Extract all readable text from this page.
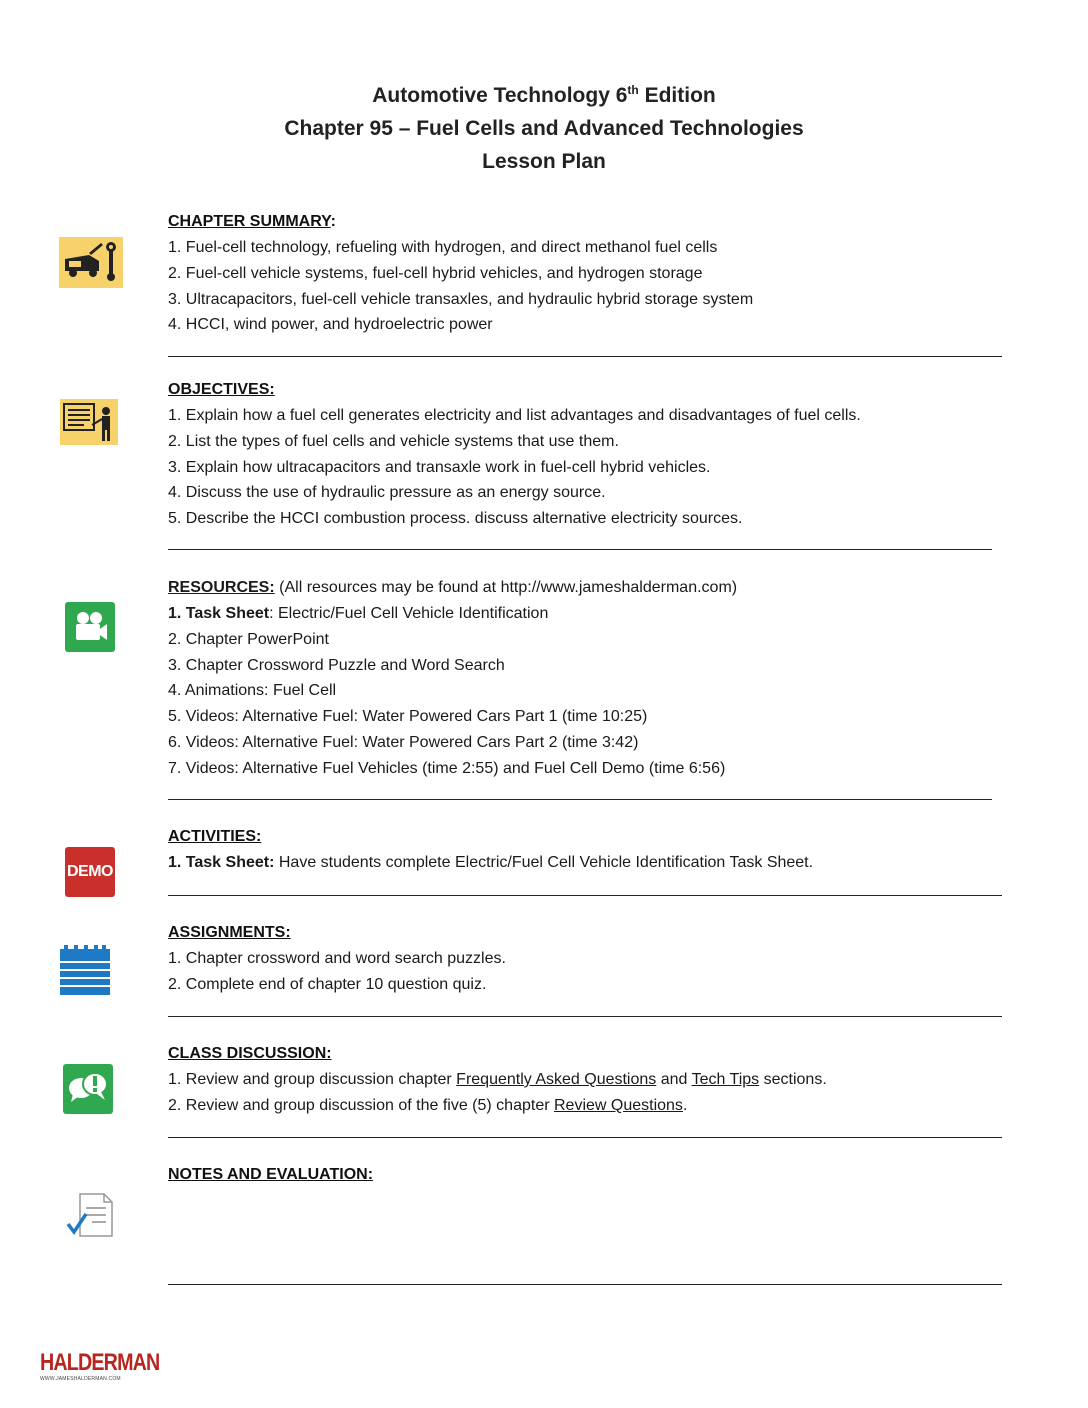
Automotive Technology 6th Edition
Chapter 95 – Fuel Cells and Advanced Technologies
Lesson Plan
DEMO
CHAPTER SUMMARY:
1. Fuel-cell technology, refueling with hydrogen, and direct methanol fuel cells
2. Fuel-cell vehicle systems, fuel-cell hybrid vehicles, and hydrogen storage
3. Ultracapacitors, fuel-cell vehicle transaxles, and hydraulic hybrid storage system
4. HCCI, wind power, and hydroelectric power
OBJECTIVES:
1. Explain how a fuel cell generates electricity and list advantages and disadvantages of fuel cells.
2. List the types of fuel cells and vehicle systems that use them.
3. Explain how ultracapacitors and transaxle work in fuel-cell hybrid vehicles.
4. Discuss the use of hydraulic pressure as an energy source.
5. Describe the HCCI combustion process. discuss alternative electricity sources.
RESOURCES: (All resources may be found at http://www.jameshalderman.com)
1. Task Sheet: Electric/Fuel Cell Vehicle Identification
2. Chapter PowerPoint
3. Chapter Crossword Puzzle and Word Search
4. Animations: Fuel Cell
5. Videos: Alternative Fuel: Water Powered Cars Part 1 (time 10:25)
6. Videos: Alternative Fuel: Water Powered Cars Part 2 (time 3:42)
7. Videos: Alternative Fuel Vehicles (time 2:55) and Fuel Cell Demo (time 6:56)
ACTIVITIES:
1. Task Sheet: Have students complete Electric/Fuel Cell Vehicle Identification Task Sheet.
ASSIGNMENTS:
1. Chapter crossword and word search puzzles.
2. Complete end of chapter 10 question quiz.
CLASS DISCUSSION:
1. Review and group discussion chapter Frequently Asked Questions and Tech Tips sections.
2. Review and group discussion of the five (5) chapter Review Questions.
NOTES AND EVALUATION:
HALDERMAN
WWW.JAMESHALDERMAN.COM
